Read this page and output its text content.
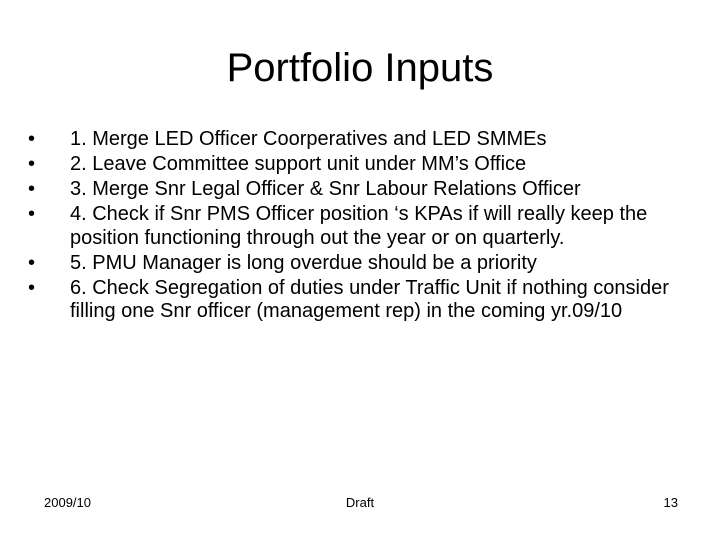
Portfolio Inputs
•	1. Merge LED Officer Coorperatives and LED SMMEs
•	2. Leave Committee support unit under MM’s Office
•	3. Merge Snr Legal Officer & Snr Labour Relations Officer
•	4. Check if Snr PMS Officer position ‘s KPAs if will really keep the position functioning through out the year or on quarterly.
•	5. PMU Manager is long overdue should be a priority
•	6. Check Segregation of duties under Traffic Unit if nothing consider filling one Snr officer (management rep) in the coming yr.09/10
2009/10	Draft	13
